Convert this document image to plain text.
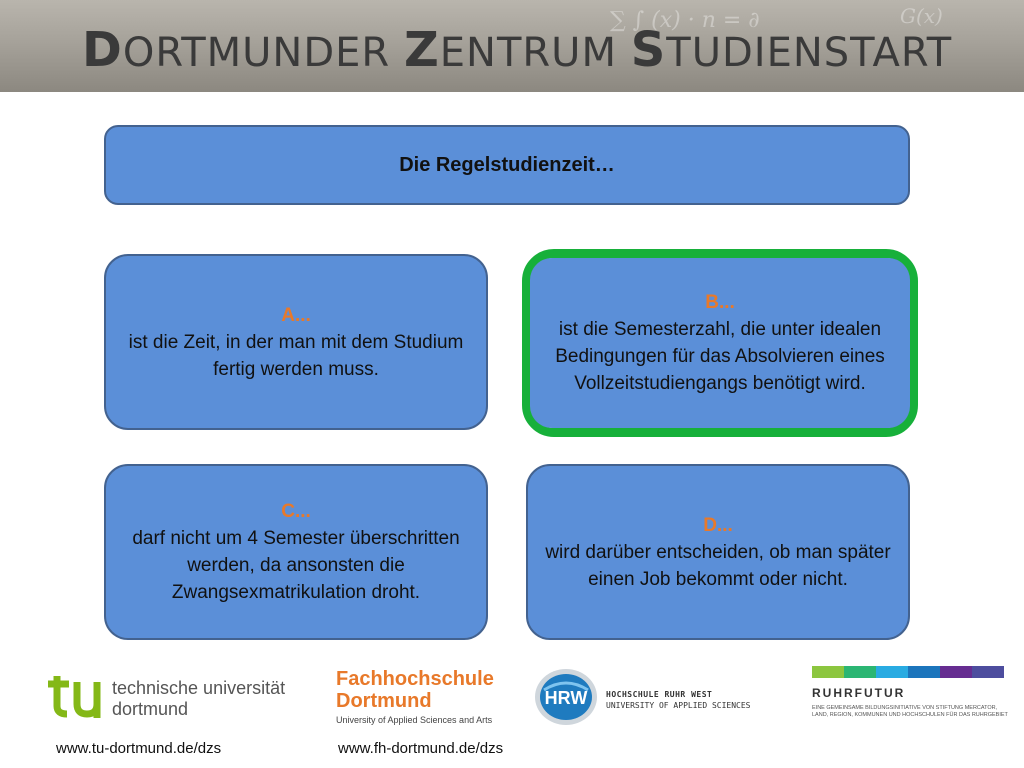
∑ ∫ (x) · n = ∂	G(x)
DORTMUNDER ZENTRUM STUDIENSTART
Die Regelstudienzeit…
A...
ist die Zeit, in der man mit dem Studium fertig werden muss.
B...
ist die Semesterzahl, die unter idealen Bedingungen für das Absolvieren eines Vollzeitstudiengangs benötigt wird.
C...
darf nicht um 4 Semester überschritten werden, da ansonsten die Zwangsexmatrikulation droht.
D...
wird darüber entscheiden, ob man später einen Job bekommt oder nicht.
technische universität
dortmund
Fachhochschule
Dortmund
University of Applied Sciences and Arts
HRW HOCHSCHULE RUHR WEST
UNIVERSITY OF APPLIED SCIENCES
RUHRFUTUR
EINE GEMEINSAME BILDUNGSINITIATIVE VON STIFTUNG MERCATOR, LAND, REGION, KOMMUNEN UND HOCHSCHULEN FÜR DAS RUHRGEBIET
www.tu-dortmund.de/dzs	www.fh-dortmund.de/dzs
